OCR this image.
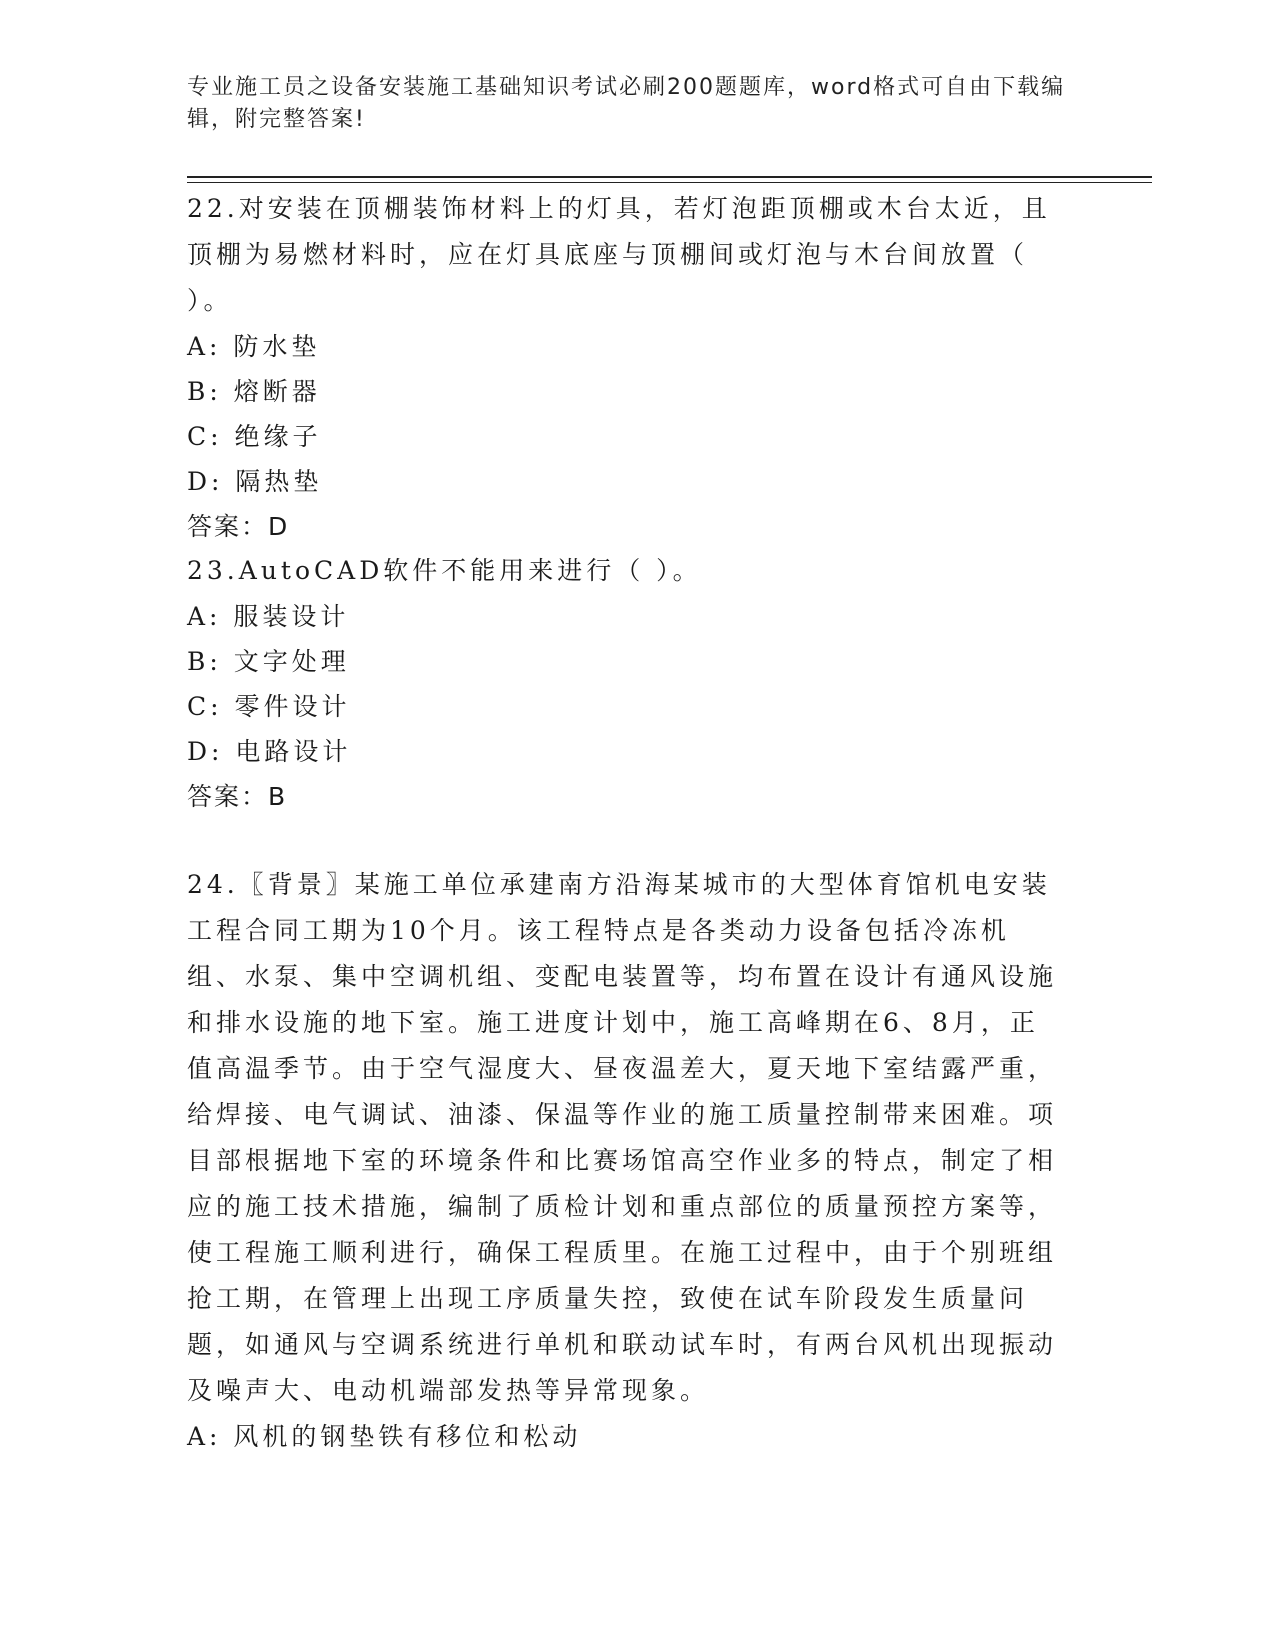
专业施工员之设备安装施工基础知识考试必刷200题题库，word格式可自由下载编辑，附完整答案!

22.对安装在顶棚装饰材料上的灯具，若灯泡距顶棚或木台太近，且顶棚为易燃材料时，应在灯具底座与顶棚间或灯泡与木台间放置（ ）。

A: 防水垫

B: 熔断器

C: 绝缘子

D: 隔热垫

答案：D

23.AutoCAD软件不能用来进行（ ）。

A: 服装设计

B: 文字处理

C: 零件设计

D: 电路设计

答案：B

24.〖背景〗某施工单位承建南方沿海某城市的大型体育馆机电安装工程合同工期为10个月。该工程特点是各类动力设备包括冷冻机组、水泵、集中空调机组、变配电装置等，均布置在设计有通风设施和排水设施的地下室。施工进度计划中，施工高峰期在6、8月，正值高温季节。由于空气湿度大、昼夜温差大，夏天地下室结露严重，给焊接、电气调试、油漆、保温等作业的施工质量控制带来困难。项目部根据地下室的环境条件和比赛场馆高空作业多的特点，制定了相应的施工技术措施，编制了质检计划和重点部位的质量预控方案等，使工程施工顺利进行，确保工程质里。在施工过程中，由于个别班组抢工期，在管理上出现工序质量失控，致使在试车阶段发生质量问题，如通风与空调系统进行单机和联动试车时，有两台风机出现振动及噪声大、电动机端部发热等异常现象。

A: 风机的钢垫铁有移位和松动
